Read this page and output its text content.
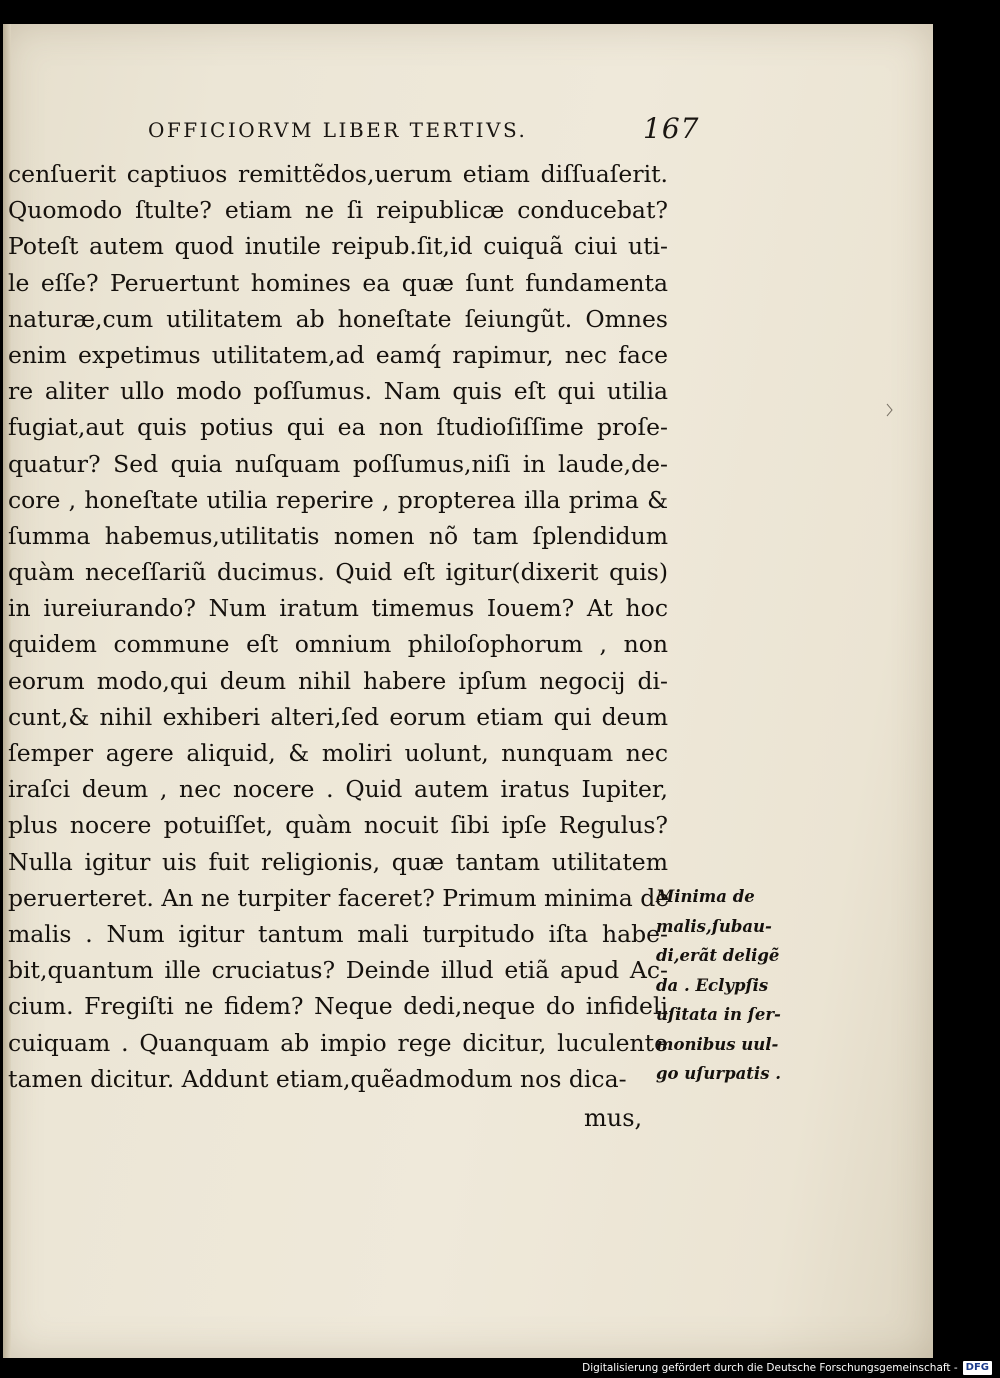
OFFICIORVM LIBER TERTIVS.	167
cenſuerit captiuos remittẽdos,uerum etiam diſſuaſerit.
Quomodo ſtulte? etiam ne ſi reipublicæ conducebat?
Poteſt autem quod inutile reipub.ſit,id cuiquã ciui uti-
le eſſe? Peruertunt homines ea quæ ſunt fundamenta
naturæ,cum utilitatem ab honeſtate ſeiungũt. Omnes
enim expetimus utilitatem,ad eamq́ rapimur, nec face
re aliter ullo modo poſſumus. Nam quis eſt qui utilia
fugiat,aut quis potius qui ea non ſtudioſiſſime proſe-
quatur? Sed quia nuſquam poſſumus,niſi in laude,de-
core , honeſtate utilia reperire , propterea illa prima &
ſumma habemus,utilitatis nomen nõ tam ſplendidum
quàm neceſſariũ ducimus. Quid eſt igitur(dixerit quis)
in iureiurando? Num iratum timemus Iouem? At hoc
quidem commune eſt omnium philoſophorum , non
eorum modo,qui deum nihil habere ipſum negocij di-
cunt,& nihil exhiberi alteri,ſed eorum etiam qui deum
ſemper agere aliquid, & moliri uolunt, nunquam nec
iraſci deum , nec nocere . Quid autem iratus Iupiter,
plus nocere potuiſſet, quàm nocuit ſibi ipſe Regulus?
Nulla igitur uis fuit religionis, quæ tantam utilitatem
peruerteret. An ne turpiter faceret? Primum minima de
malis . Num igitur tantum mali turpitudo iſta habe-
bit,quantum ille cruciatus? Deinde illud etiã apud Ac-
cium. Fregiſti ne fidem? Neque dedi,neque do infideli
cuiquam . Quanquam ab impio rege dicitur, luculente
tamen dicitur. Addunt etiam,quẽadmodum nos dica-
mus,
Minima de
malis,ſubau-
di,erãt deligẽ
da . Eclypſis
uſitata in ſer-
monibus uul-
go uſurpatis .
Digitalisierung gefördert durch die Deutsche Forschungsgemeinschaft - DFG
